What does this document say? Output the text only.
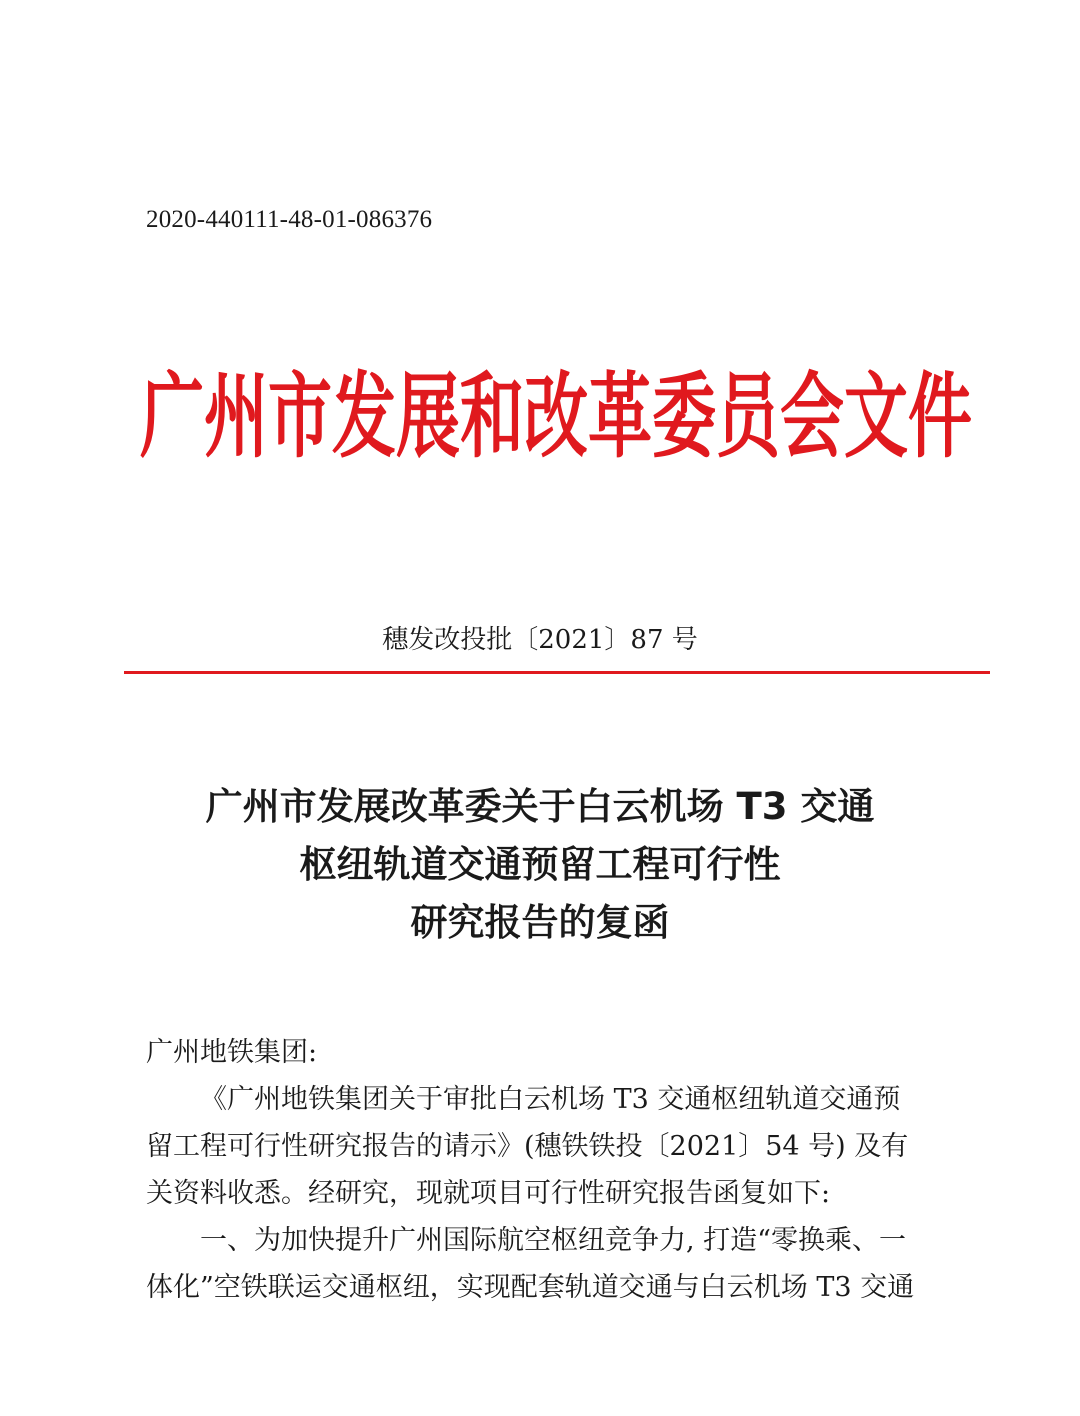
2020-440111-48-01-086376
广 州 市 发 展 和 改 革 委 员 会 文 件
穗发改投批〔2021〕87 号
广州市发展改革委关于白云机场 T3 交通
枢纽轨道交通预留工程可行性
研究报告的复函
广州地铁集团:
《广州地铁集团关于审批白云机场 T3 交通枢纽轨道交通预
留工程可行性研究报告的请示》(穗铁铁投〔2021〕54 号) 及有
关资料收悉。经研究，现就项目可行性研究报告函复如下:
一、为加快提升广州国际航空枢纽竞争力, 打造“零换乘、一
体化”空铁联运交通枢纽，实现配套轨道交通与白云机场 T3 交通
